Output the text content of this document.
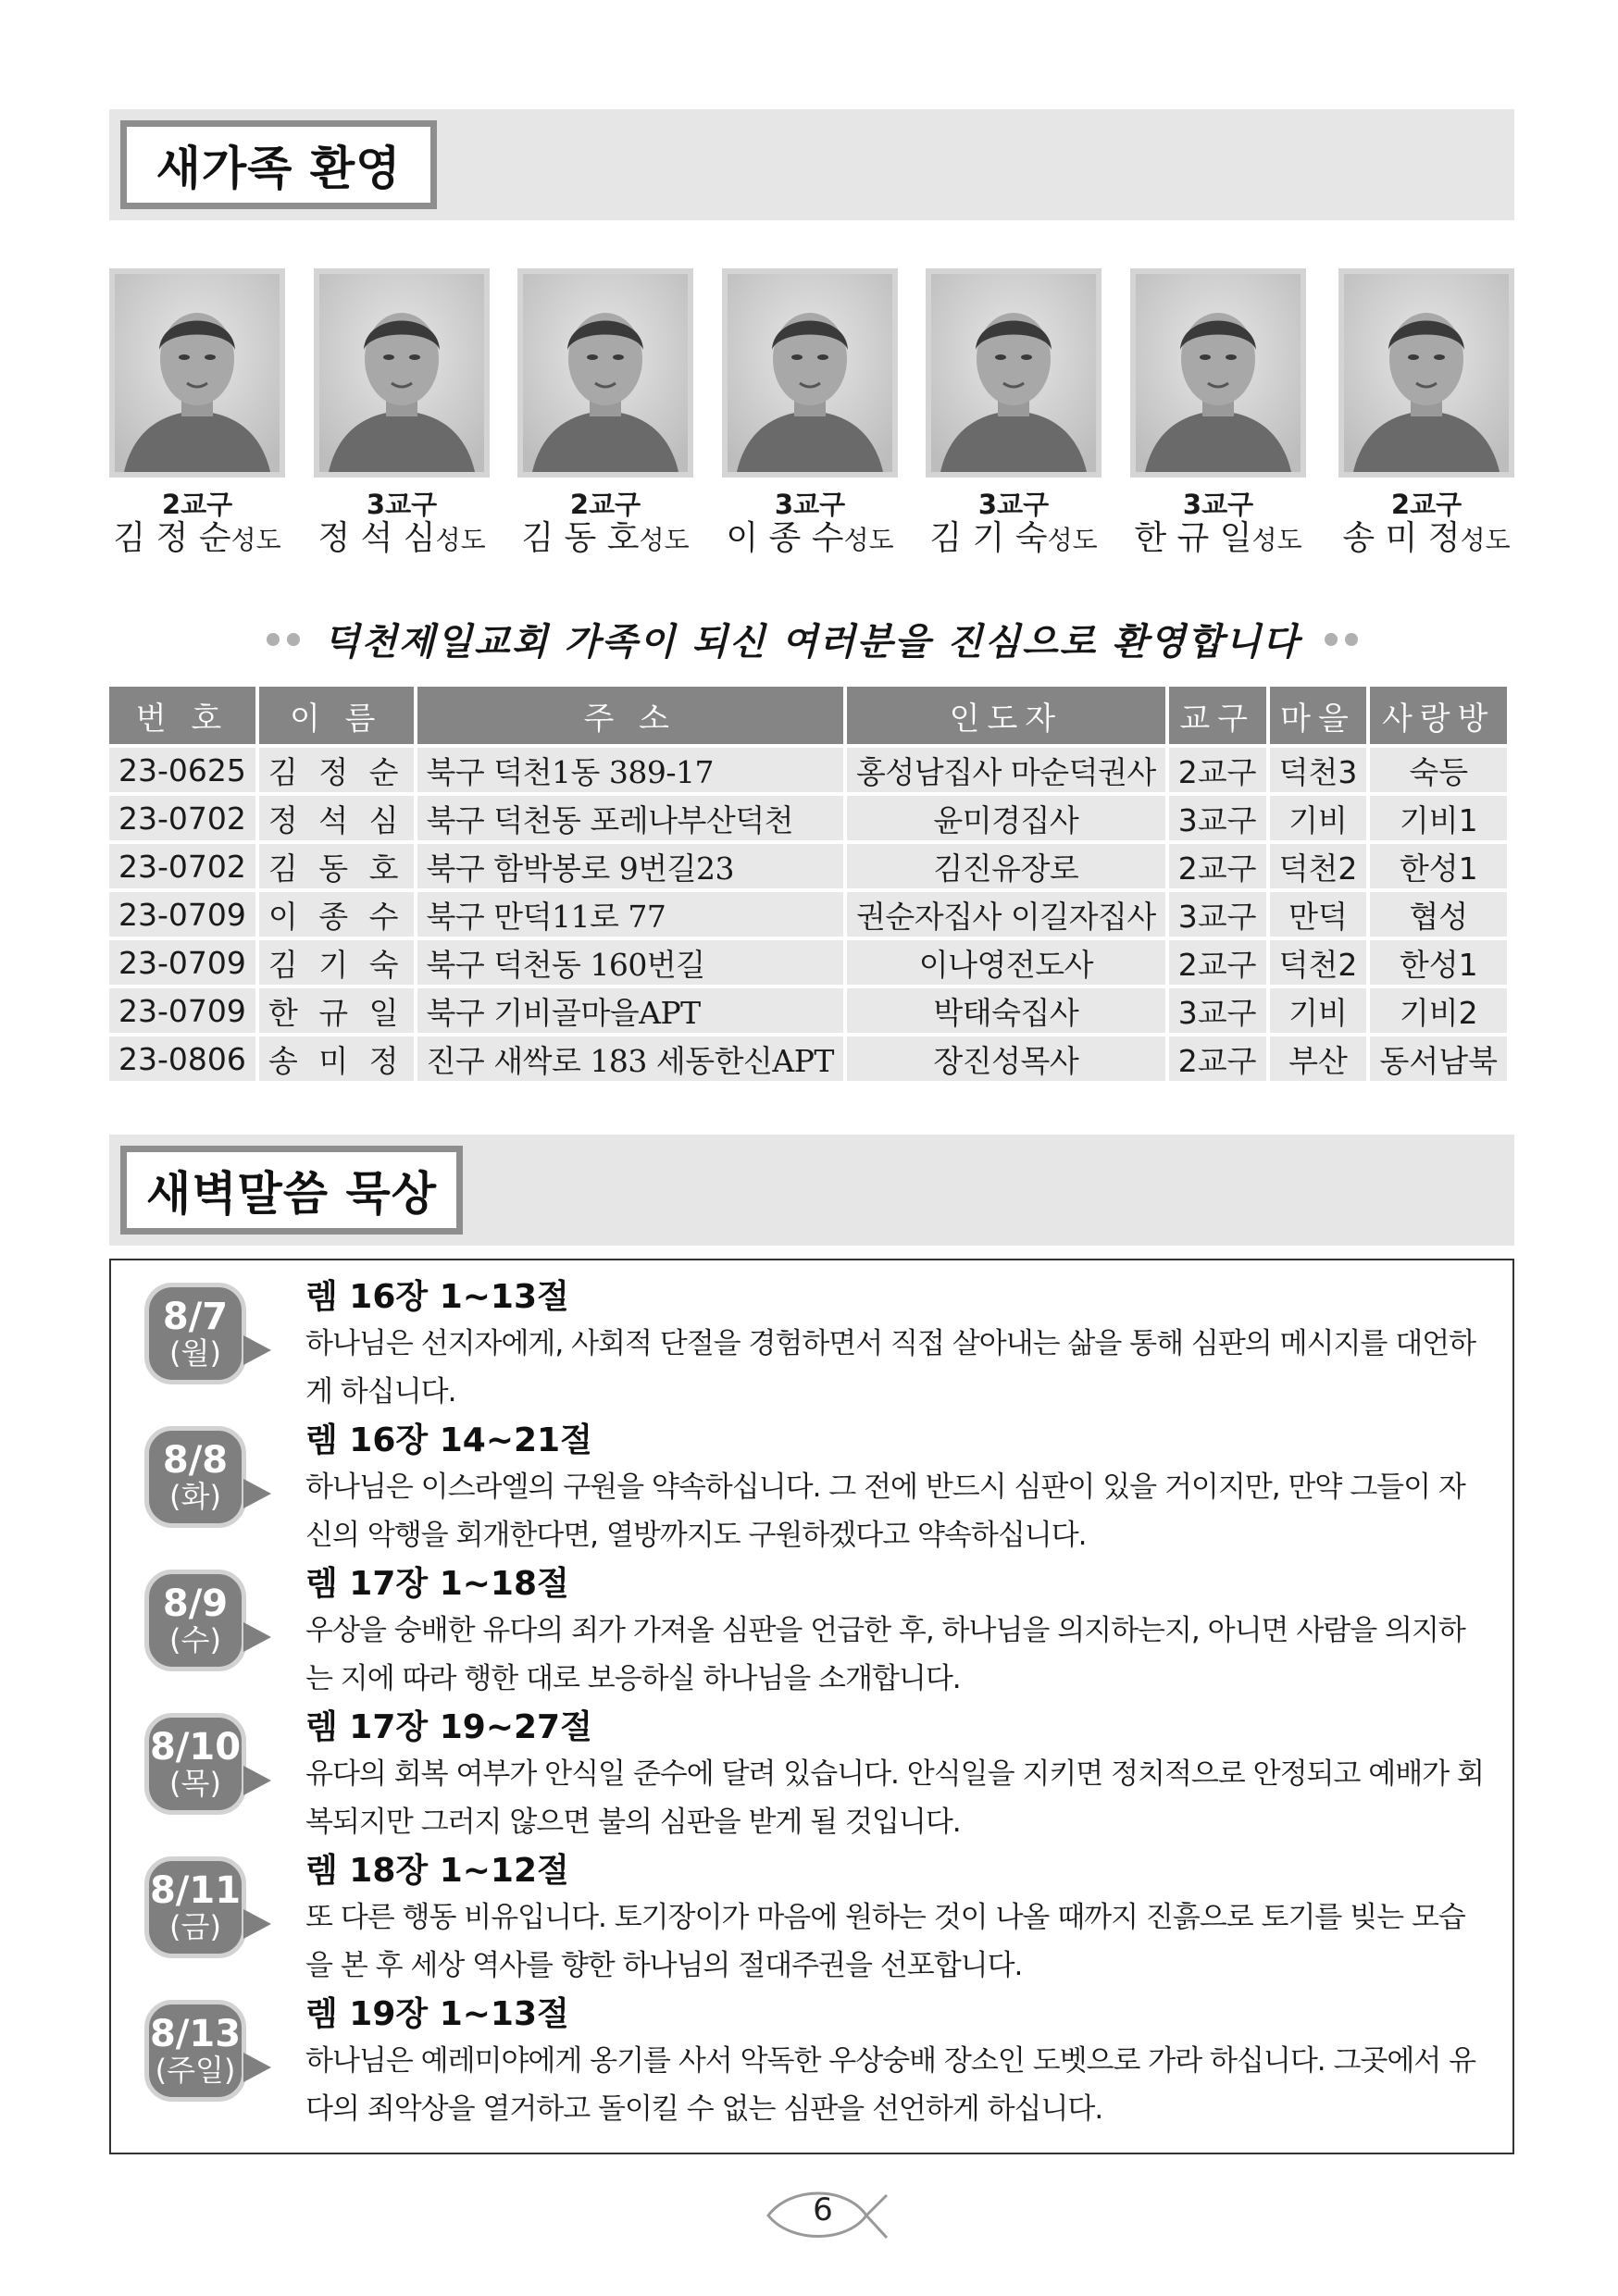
새가족 환영
2교구
김 정 순성도
3교구
정 석 심성도
2교구
김 동 호성도
3교구
이 종 수성도
3교구
김 기 숙성도
3교구
한 규 일성도
2교구
송 미 정성도
덕천제일교회 가족이 되신 여러분을 진심으로 환영합니다
번 호	이 름	주 소	인도자	교구	마을	사랑방
23-0625	김 정 순	북구 덕천1동 389-17	홍성남집사 마순덕권사	2교구	덕천3	숙등
23-0702	정 석 심	북구 덕천동 포레나부산덕천	윤미경집사	3교구	기비	기비1
23-0702	김 동 호	북구 함박봉로 9번길23	김진유장로	2교구	덕천2	한성1
23-0709	이 종 수	북구 만덕11로 77	권순자집사 이길자집사	3교구	만덕	협성
23-0709	김 기 숙	북구 덕천동 160번길	이나영전도사	2교구	덕천2	한성1
23-0709	한 규 일	북구 기비골마을APT	박태숙집사	3교구	기비	기비2
23-0806	송 미 정	진구 새싹로 183 세동한신APT	장진성목사	2교구	부산	동서남북
새벽말씀 묵상
8/7
(월)
렘 16장 1~13절
하나님은 선지자에게, 사회적 단절을 경험하면서 직접 살아내는 삶을 통해 심판의 메시지를 대언하게 하십니다.
8/8
(화)
렘 16장 14~21절
하나님은 이스라엘의 구원을 약속하십니다. 그 전에 반드시 심판이 있을 거이지만, 만약 그들이 자신의 악행을 회개한다면, 열방까지도 구원하겠다고 약속하십니다.
8/9
(수)
렘 17장 1~18절
우상을 숭배한 유다의 죄가 가져올 심판을 언급한 후, 하나님을 의지하는지, 아니면 사람을 의지하는 지에 따라 행한 대로 보응하실 하나님을 소개합니다.
8/10
(목)
렘 17장 19~27절
유다의 회복 여부가 안식일 준수에 달려 있습니다. 안식일을 지키면 정치적으로 안정되고 예배가 회복되지만 그러지 않으면 불의 심판을 받게 될 것입니다.
8/11
(금)
렘 18장 1~12절
또 다른 행동 비유입니다. 토기장이가 마음에 원하는 것이 나올 때까지 진흙으로 토기를 빚는 모습을 본 후 세상 역사를 향한 하나님의 절대주권을 선포합니다.
8/13
(주일)
렘 19장 1~13절
하나님은 예레미야에게 옹기를 사서 악독한 우상숭배 장소인 도벳으로 가라 하십니다. 그곳에서 유다의 죄악상을 열거하고 돌이킬 수 없는 심판을 선언하게 하십니다.
6
